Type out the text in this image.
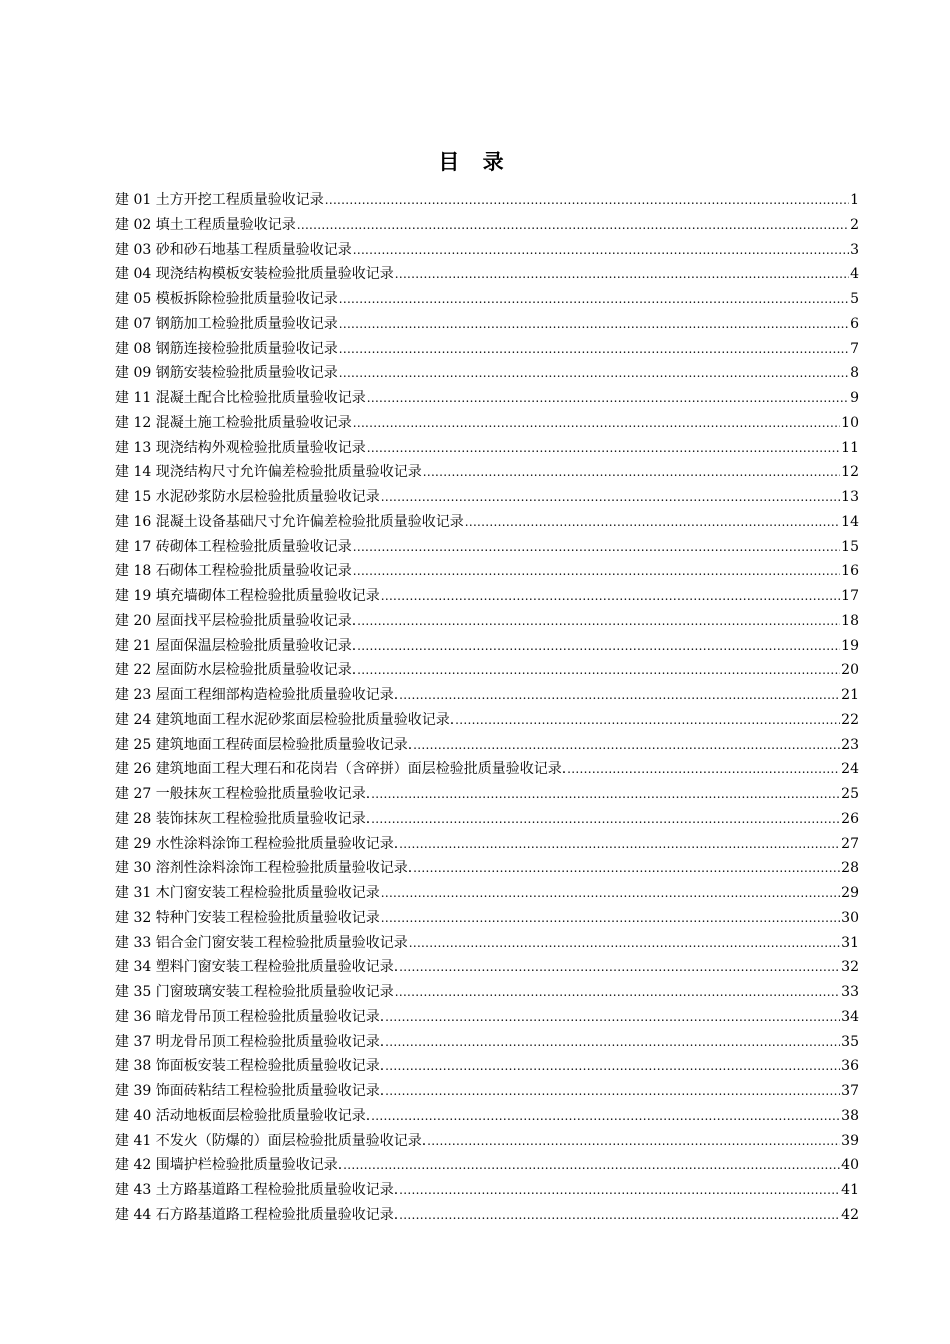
目 录
建 01 土方开挖工程质量验收记录 .....	1
建 02 填土工程质量验收记录 .....	2
建 03 砂和砂石地基工程质量验收记录 .....	3
建 04 现浇结构模板安装检验批质量验收记录 .....	4
建 05 模板拆除检验批质量验收记录 .....	5
建 07 钢筋加工检验批质量验收记录 .....	6
建 08 钢筋连接检验批质量验收记录 .....	7
建 09 钢筋安装检验批质量验收记录 .....	8
建 11 混凝土配合比检验批质量验收记录 .....	9
建 12 混凝土施工检验批质量验收记录 .....	10
建 13 现浇结构外观检验批质量验收记录 .....	11
建 14 现浇结构尺寸允许偏差检验批质量验收记录 .....	12
建 15 水泥砂浆防水层检验批质量验收记录 .....	13
建 16 混凝土设备基础尺寸允许偏差检验批质量验收记录 .....	14
建 17 砖砌体工程检验批质量验收记录 .....	15
建 18 石砌体工程检验批质量验收记录 .....	16
建 19 填充墙砌体工程检验批质量验收记录 .....	17
建 20 屋面找平层检验批质量验收记录. .....	18
建 21 屋面保温层检验批质量验收记录. .....	19
建 22 屋面防水层检验批质量验收记录. .....	20
建 23 屋面工程细部构造检验批质量验收记录. .....	21
建 24 建筑地面工程水泥砂浆面层检验批质量验收记录. .....	22
建 25 建筑地面工程砖面层检验批质量验收记录. .....	23
建 26 建筑地面工程大理石和花岗岩（含碎拼）面层检验批质量验收记录. .....	24
建 27 一般抹灰工程检验批质量验收记录. .....	25
建 28 装饰抹灰工程检验批质量验收记录. .....	26
建 29 水性涂料涂饰工程检验批质量验收记录. .....	27
建 30 溶剂性涂料涂饰工程检验批质量验收记录. .....	28
建 31 木门窗安装工程检验批质量验收记录 .....	29
建 32 特种门安装工程检验批质量验收记录 .....	30
建 33 铝合金门窗安装工程检验批质量验收记录 .....	31
建 34 塑料门窗安装工程检验批质量验收记录. .....	32
建 35 门窗玻璃安装工程检验批质量验收记录 .....	33
建 36 暗龙骨吊顶工程检验批质量验收记录. .....	34
建 37 明龙骨吊顶工程检验批质量验收记录. .....	35
建 38 饰面板安装工程检验批质量验收记录. .....	36
建 39 饰面砖粘结工程检验批质量验收记录. .....	37
建 40 活动地板面层检验批质量验收记录. .....	38
建 41 不发火（防爆的）面层检验批质量验收记录. .....	39
建 42 围墙护栏检验批质量验收记录. .....	40
建 43 土方路基道路工程检验批质量验收记录. .....	41
建 44 石方路基道路工程检验批质量验收记录. .....	42
